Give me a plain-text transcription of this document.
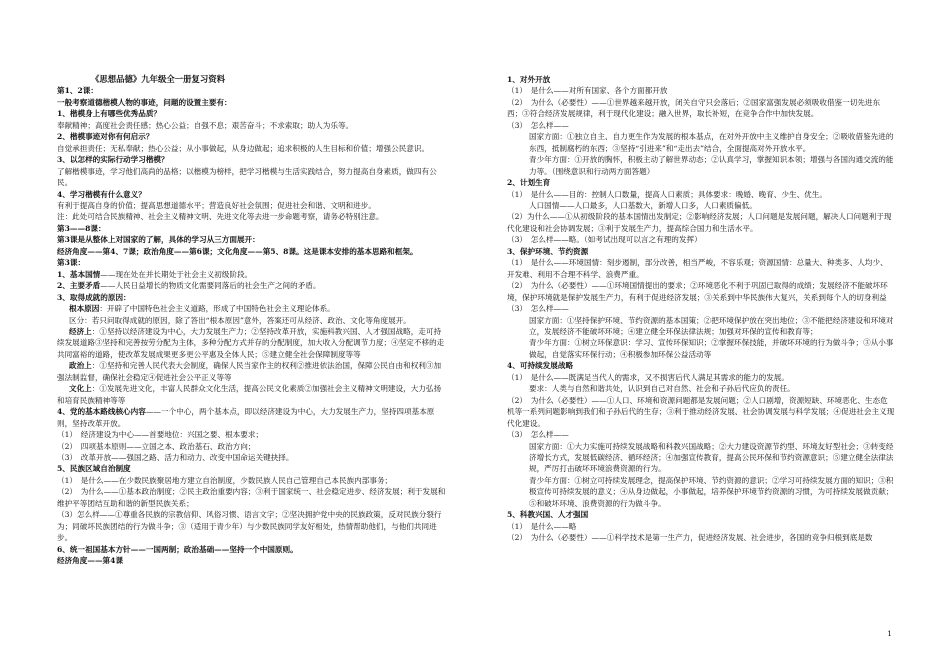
《思想品德》九年级全一册复习资料

第1、2课：

一般考察道德楷模人物的事迹，问题的设置主要有：

1、楷模身上有哪些优秀品质？

奉献精神；高度社会责任感；热心公益；自强不息；艰苦奋斗；不求索取；助人为乐等。

2、楷模事迹对你有何启示？

自觉承担责任；无私奉献；热心公益；从小事做起，从身边做起；追求积极的人生目标和价值；增强公民意识。

3、以怎样的实际行动学习楷模？

了解楷模事迹，学习他们高尚的品格；以楷模为榜样，把学习楷模与生活实践结合，努力提高自身素质，做四有公民。

4、学习楷模有什么意义？

有利于提高自身的价值；提高思想道德水平；营造良好社会氛围；促进社会和谐、文明和进步。

注：此处可结合民族精神、社会主义精神文明、先进文化等去进一步命题考察，请务必特别注意。

第3——8课：

第3课是从整体上对国家的了解，具体的学习从三方面展开：

经济角度——第4、7课；政治角度——第6课；文化角度——第5、8课。这是课本安排的基本思路和框架。

第3课：

1、基本国情——现在处在并长期处于社会主义初级阶段。

2、主要矛盾——人民日益增长的物质文化需要同落后的社会生产之间的矛盾。

3、取得成就的原因：

根本原因：开辟了中国特色社会主义道路，形成了中国特色社会主义理论体系。

区分：若只问取得成就的原因，除了答出“根本原因”意外，答案还可从经济、政治、文化等角度展开。

经济上：①坚持以经济建设为中心，大力发展生产力；②坚持改革开放，实施科教兴国、人才强国战略，走可持续发展道路③坚持和完善按劳分配为主体，多种分配方式并存的分配制度，加大收入分配调节力度；④坚定不移的走共同富裕的道路，使改革发展成果更多更公平惠及全体人民；⑤建立健全社会保障制度等等

政治上：①坚持和完善人民代表大会制度，确保人民当家作主的权利②推进依法治国，保障公民自由和权利③加强法制监督，确保社会稳定④促进社会公平正义等等

文化上：①发展先进文化，丰富人民群众文化生活，提高公民文化素质②加强社会主义精神文明建设，大力弘扬和培育民族精神等等

4、党的基本路线核心内容——一个中心，两个基本点，即以经济建设为中心，大力发展生产力，坚持四项基本原则，坚持改革开放。

（1）　经济建设为中心——首要地位：兴国之要、根本要求；

（2）　四项基本原则——立国之本、政治基石、政治方向；

（3）　改革开放——强国之路、活力和动力、改变中国命运关键抉择。

5、民族区域自治制度

（1）　是什么——在少数民族聚居地方建立自治制度，少数民族人民自己管理自己本民族内部事务；

（2）　为什么——①基本政治制度；②民主政治重要内容；③利于国家统一、社会稳定进步、经济发展；利于发展和维护平等团结互助和谐的新型民族关系；

（3）怎么样——①尊重各民族的宗教信仰、风俗习惯、语言文字；②坚决拥护党中央的民族政策，反对民族分裂行为；同破坏民族团结的行为做斗争；③（适用于青少年）与少数民族同学友好相处，热情帮助他们，与他们共同进步。

6、统一祖国基本方针——一国两制；政治基础——坚持一个中国原则。

经济角度——第4课

1、对外开放

（1）　是什么——对所有国家、各个方面都开放

（2）　为什么（必要性）——①世界越来越开放，闭关自守只会落后；②国家富强发展必须吸收借鉴一切先进东西；③符合经济发展规律，利于现代化建设；融入世界，取长补短，在竞争合作中加快发展。

（3）　怎么样——

国家方面：①独立自主、自力更生作为发展的根本基点，在对外开放中主义维护自身安全；②吸收借鉴先进的东西，抵制腐朽的东西；③坚持“引进来”和“走出去”结合，全面提高对外开放水平。

青少年方面：①开放的胸怀，积极主动了解世界动态；②认真学习，掌握知识本领；增强与各国沟通交流的能力等。（围绕意识和行动两方面答题）

2、计划生育

（1）　是什么——目的：控制人口数量，提高人口素质；具体要求：晚婚、晚育、少生、优生。

人口国情——人口最多，人口基数大，新增人口多，人口素质偏低。

（2）为什么——①从初级阶段的基本国情出发制定；②影响经济发展；人口问题是发展问题，解决人口问题利于现代化建设和社会协调发展；③利于发展生产力，提高综合国力和生活水平。

（3）　怎么样——略。（如考试出现可以言之有理的发挥）

3、保护环境、节约资源

（1）　是什么——环境国情：刻步遏制，部分改善，相当严峻，不容乐观；资源国情：总量大、种类多、人均少、开发难、利用不合理不科学、浪费严重。

（2）　为什么（必要性）——①环境国情提出的要求；②环境恶化不利于巩固已取得的成绩；发展经济不能破坏环境，保护环境就是保护发展生产力，有利于促进经济发展；③关系到中华民族伟大复兴，关系到每个人的切身利益

（3）　怎么样——

国家方面：①坚持保护环境、节约资源的基本国策；②把环境保护放在突出地位；③不能把经济建设和环境对立，发展经济不能破坏环境；④建立健全环保法律法规；加强对环保的宣传和教育等；

青少年方面：①树立环保意识：学习、宣传环保知识；②掌握环保技能，并破坏环境的行为做斗争；③从小事做起，自觉落实环保行动；④积极参加环保公益活动等

4、可持续发展战略

（1）　是什么——既满足当代人的需求，又不损害后代人满足其需求的能力的发展。

要求：人类与自然和谐共处，认识到自己对自然、社会和子孙后代应负的责任。

（2）　为什么（必要性）——①人口、环境和资源问题都是发展问题；②人口剧增，资源短缺、环境恶化、生态危机等一系列问题影响到我们和子孙后代的生存；③利于推动经济发展、社会协调发展与科学发展；④促进社会主义现代化建设。

（3）　怎么样——

国家方面：①大力实施可持续发展战略和科教兴国战略；②大力建设资源节约型、环境友好型社会；③转变经济增长方式，发展低碳经济、循环经济；④加强宣传教育，提高公民环保和节约资源意识；⑤建立健全法律法规，严厉打击破坏环境浪费资源的行为。

青少年方面：①树立可持续发展理念，提高保护环境、节约资源的意识；②学习可持续发展方面的知识；③积极宣传可持续发展的意义；④从身边做起，小事做起，培养保护环境节约资源的习惯，为可持续发展做贡献；⑤和破坏环境、浪费资源的行为做斗争。

5、科教兴国、人才强国

（1）　是什么——略

（2）　为什么（必要性）——①科学技术是第一生产力，促进经济发展、社会进步，各国的竞争归根到底是数

1
